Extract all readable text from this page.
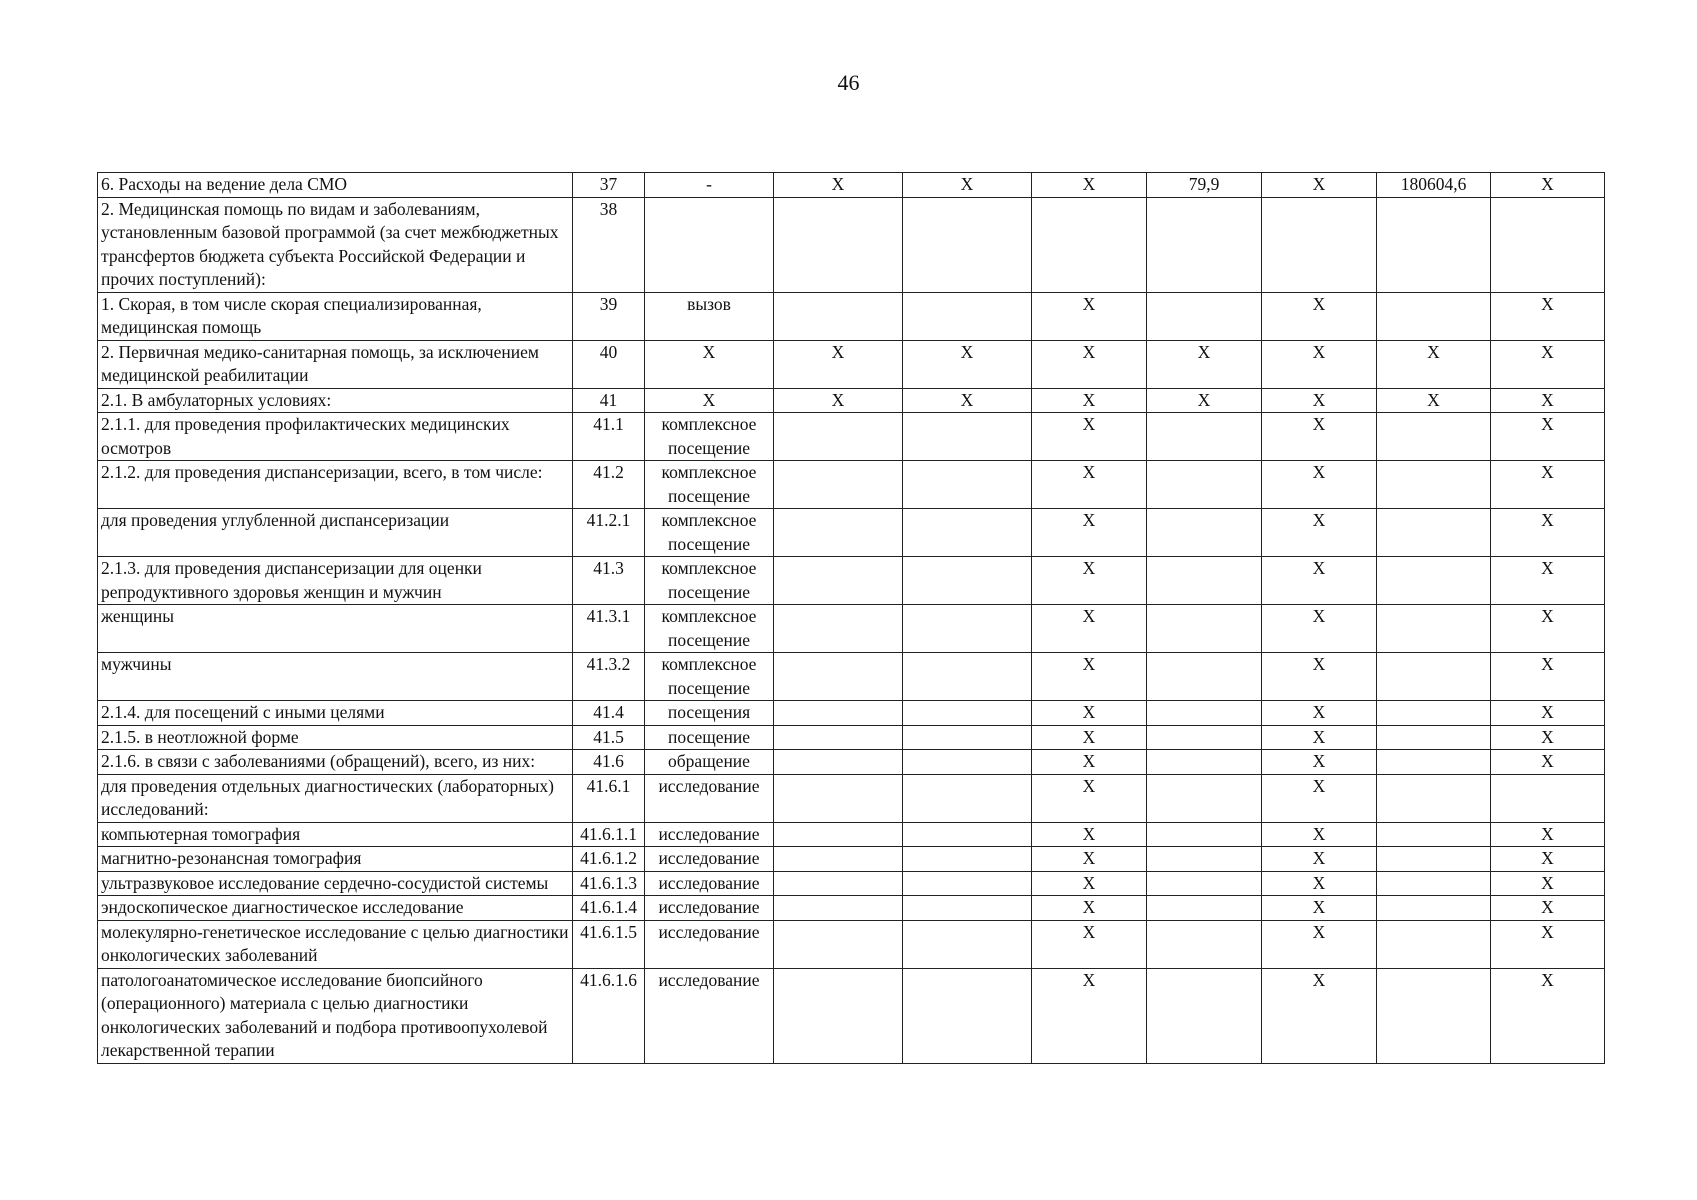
46
6. Расходы на ведение дела СМО	37	-	X	X	X	79,9	X	180604,6	X
2. Медицинская помощь по видам и заболеваниям, установленным базовой программой (за счет межбюджетных трансфертов бюджета субъекта Российской Федерации и прочих поступлений):	38								
1. Скорая, в том числе скорая специализированная, медицинская помощь	39	вызов			X		X		X
2. Первичная медико-санитарная помощь, за исключением медицинской реабилитации	40	X	X	X	X	X	X	X	X
2.1. В амбулаторных условиях:	41	X	X	X	X	X	X	X	X
2.1.1. для проведения профилактических медицинских осмотров	41.1	комплексное посещение			X		X		X
2.1.2. для проведения диспансеризации, всего, в том числе:	41.2	комплексное посещение			X		X		X
для проведения углубленной диспансеризации	41.2.1	комплексное посещение			X		X		X
2.1.3. для проведения диспансеризации для оценки репродуктивного здоровья женщин и мужчин	41.3	комплексное посещение			X		X		X
женщины	41.3.1	комплексное посещение			X		X		X
мужчины	41.3.2	комплексное посещение			X		X		X
2.1.4. для посещений с иными целями	41.4	посещения			X		X		X
2.1.5. в неотложной форме	41.5	посещение			X		X		X
2.1.6. в связи с заболеваниями (обращений), всего, из них:	41.6	обращение			X		X		X
для проведения отдельных диагностических (лабораторных) исследований:	41.6.1	исследование			X		X		
компьютерная томография	41.6.1.1	исследование			X		X		X
магнитно-резонансная томография	41.6.1.2	исследование			X		X		X
ультразвуковое исследование сердечно-сосудистой системы	41.6.1.3	исследование			X		X		X
эндоскопическое диагностическое исследование	41.6.1.4	исследование			X		X		X
молекулярно-генетическое исследование с целью диагностики онкологических заболеваний	41.6.1.5	исследование			X		X		X
патологоанатомическое исследование биопсийного (операционного) материала с целью диагностики онкологических заболеваний и подбора противоопухолевой лекарственной терапии	41.6.1.6	исследование			X		X		X
